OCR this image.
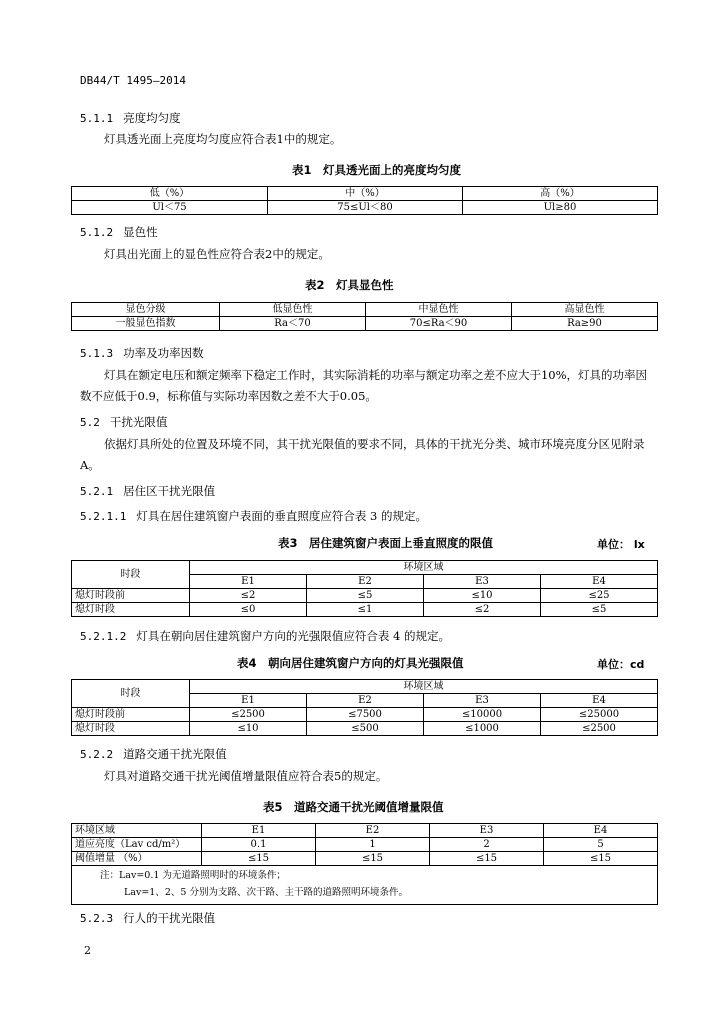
DB44/T 1495—2014
5.1.1 亮度均匀度
灯具透光面上亮度均匀度应符合表1中的规定。
表1　灯具透光面上的亮度均匀度
低（%）	中（%）	高（%）
Ul＜75	75≤Ul＜80	Ul≥80
5.1.2 显色性
灯具出光面上的显色性应符合表2中的规定。
表2　灯具显色性
显色分级	低显色性	中显色性	高显色性
一般显色指数	Ra＜70	70≤Ra＜90	Ra≥90
5.1.3 功率及功率因数
灯具在额定电压和额定频率下稳定工作时，其实际消耗的功率与额定功率之差不应大于10%，灯具的功率因数不应低于0.9，标称值与实际功率因数之差不大于0.05。
5.2 干扰光限值
依据灯具所处的位置及环境不同，其干扰光限值的要求不同，具体的干扰光分类、城市环境亮度分区见附录A。
5.2.1 居住区干扰光限值
5.2.1.1 灯具在居住建筑窗户表面的垂直照度应符合表 3 的规定。
表3　居住建筑窗户表面上垂直照度的限值	单位： lx
时段	环境区域			
	E1	E2	E3	E4
熄灯时段前	≤2	≤5	≤10	≤25
熄灯时段	≤0	≤1	≤2	≤5
5.2.1.2 灯具在朝向居住建筑窗户方向的光强限值应符合表 4 的规定。
表4　朝向居住建筑窗户方向的灯具光强限值	单位：cd
时段	环境区域			
	E1	E2	E3	E4
熄灯时段前	≤2500	≤7500	≤10000	≤25000
熄灯时段	≤10	≤500	≤1000	≤2500
5.2.2 道路交通干扰光限值
灯具对道路交通干扰光阈值增量限值应符合表5的规定。
表5　道路交通干扰光阈值增量限值
环境区域	E1	E2	E3	E4
道应亮度（Lav cd/m²）	0.1	1	2	5
阈值增量 （%）	≤15	≤15	≤15	≤15

注：Lav=0.1 为无道路照明时的环境条件；
Lav=1、2、5 分别为支路、次干路、主干路的道路照明环境条件。				
5.2.3 行人的干扰光限值
2
